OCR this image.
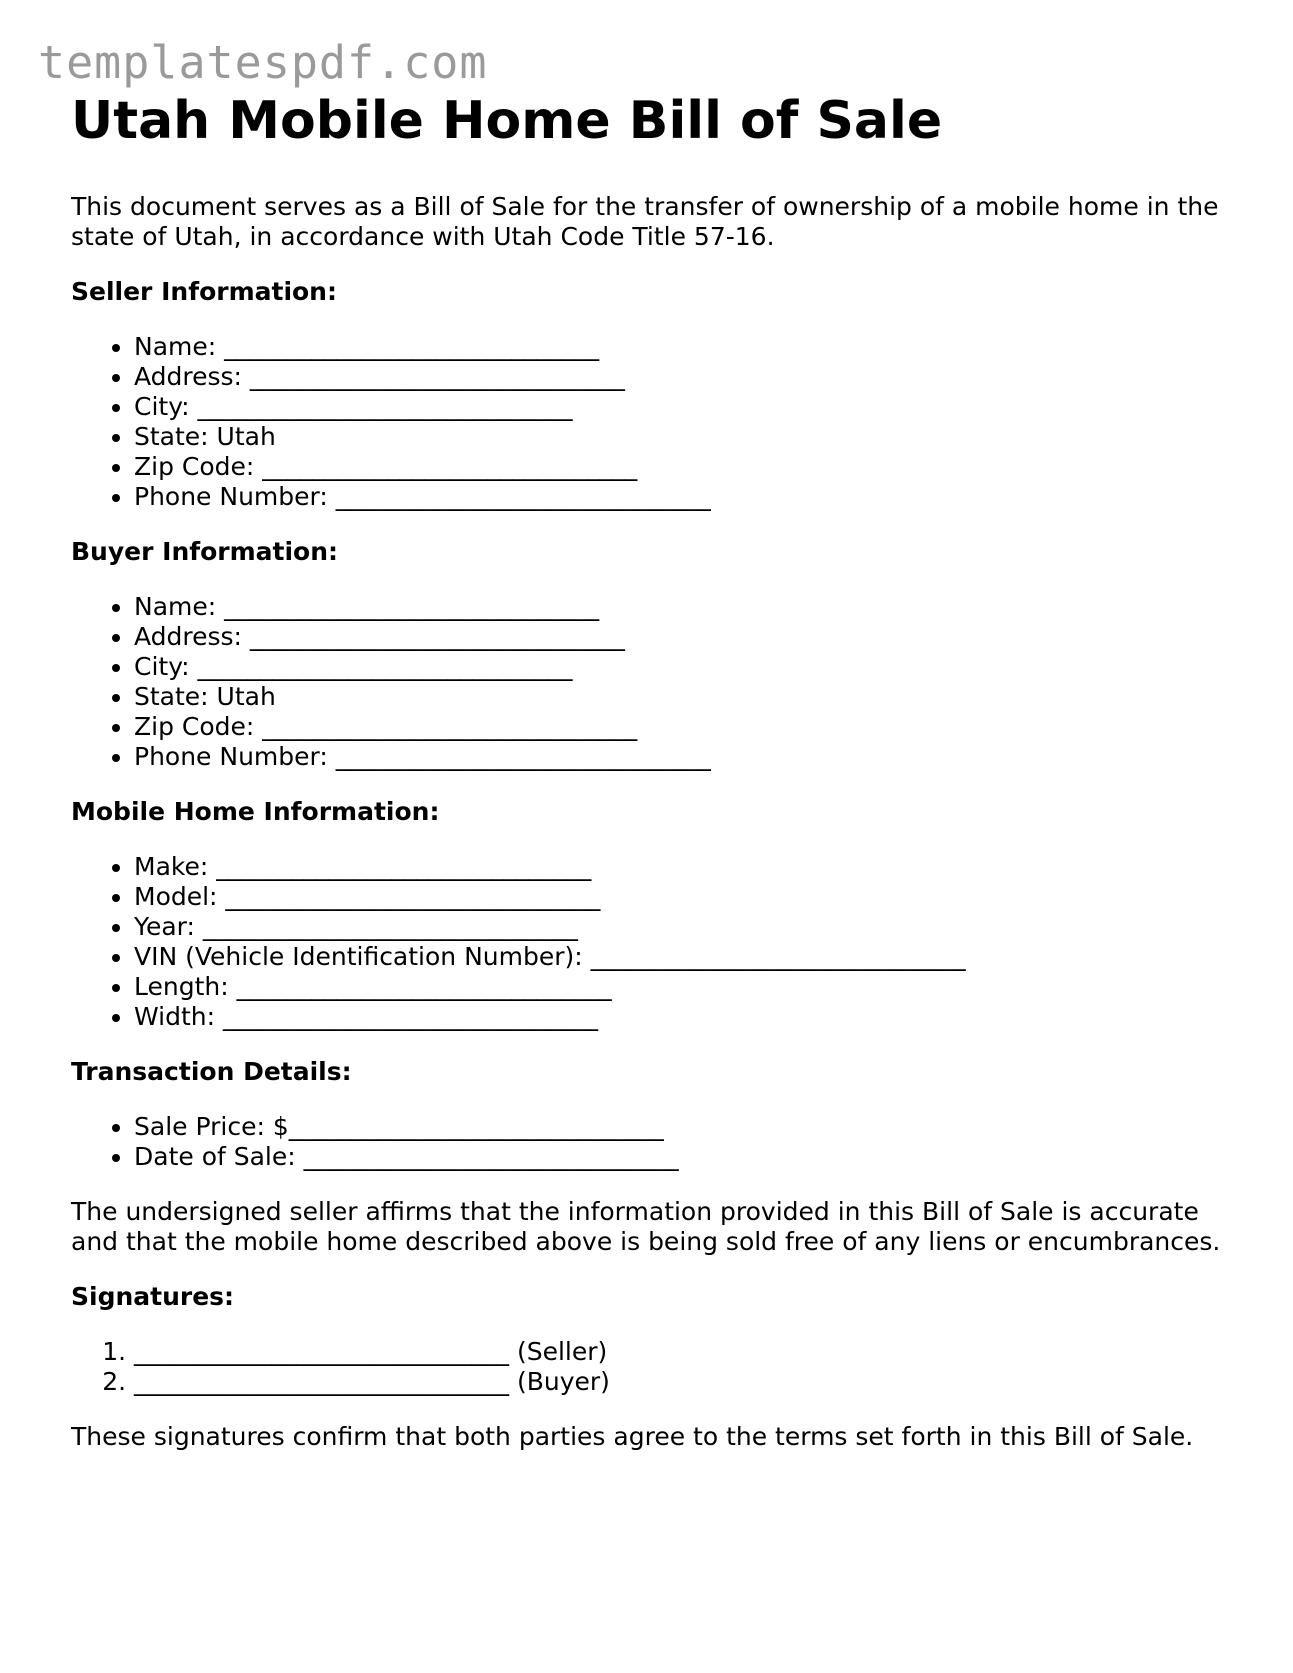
templatespdf.com
Utah Mobile Home Bill of Sale

This document serves as a Bill of Sale for the transfer of ownership of a mobile home in the state of Utah, in accordance with Utah Code Title 57-16.

Seller Information:
• Name: ______________________________
• Address: ______________________________
• City: ______________________________
• State: Utah
• Zip Code: ______________________________
• Phone Number: ______________________________
Buyer Information:
• Name: ______________________________
• Address: ______________________________
• City: ______________________________
• State: Utah
• Zip Code: ______________________________
• Phone Number: ______________________________
Mobile Home Information:
• Make: ______________________________
• Model: ______________________________
• Year: ______________________________
• VIN (Vehicle Identification Number): ______________________________
• Length: ______________________________
• Width: ______________________________
Transaction Details:
• Sale Price: $______________________________
• Date of Sale: ______________________________

The undersigned seller affirms that the information provided in this Bill of Sale is accurate and that the mobile home described above is being sold free of any liens or encumbrances.

Signatures:
1. ______________________________ (Seller)
2. ______________________________ (Buyer)

These signatures confirm that both parties agree to the terms set forth in this Bill of Sale.
